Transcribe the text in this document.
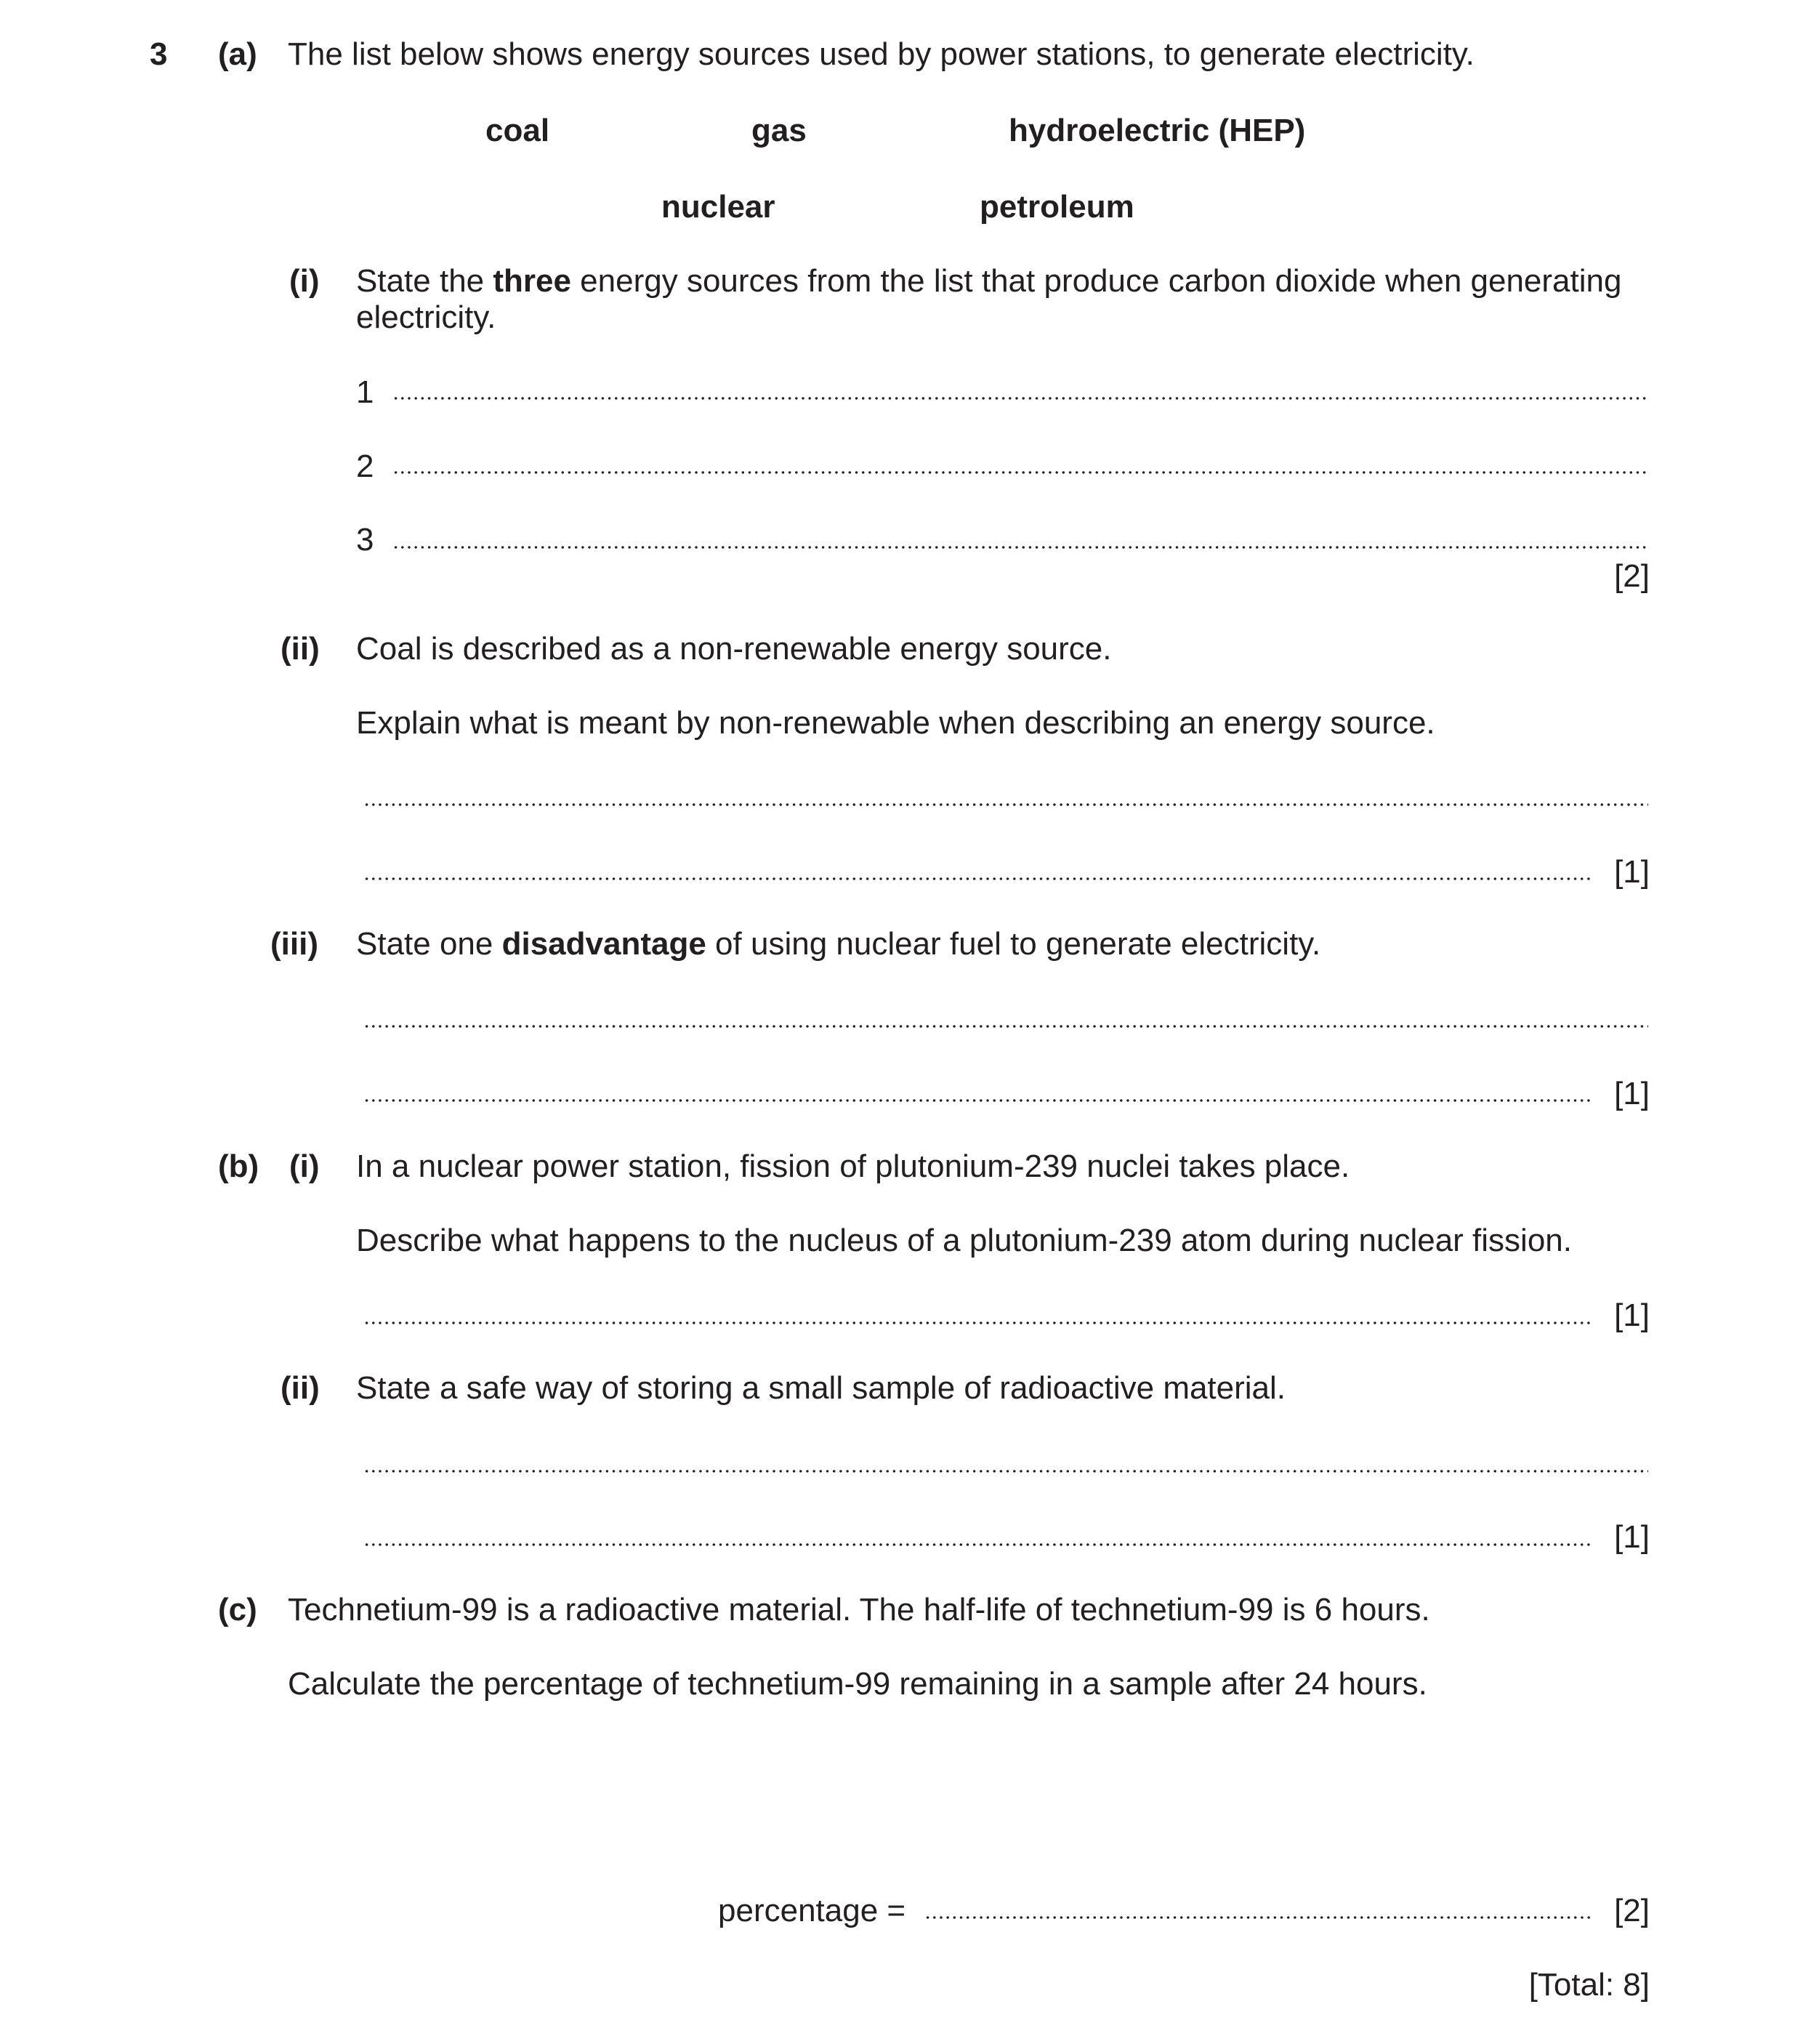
3 (a) The list below shows energy sources used by power stations, to generate electricity.
coal	gas	hydroelectric (HEP)
nuclear	petroleum
(i) State the three energy sources from the list that produce carbon dioxide when generating electricity.
1
2
3
[2]
(ii) Coal is described as a non-renewable energy source.
Explain what is meant by non-renewable when describing an energy source.
[1]
(iii) State one disadvantage of using nuclear fuel to generate electricity.
[1]
(b) (i) In a nuclear power station, fission of plutonium-239 nuclei takes place.
Describe what happens to the nucleus of a plutonium-239 atom during nuclear fission.
[1]
(ii) State a safe way of storing a small sample of radioactive material.
[1]
(c) Technetium-99 is a radioactive material. The half-life of technetium-99 is 6 hours.
Calculate the percentage of technetium-99 remaining in a sample after 24 hours.
percentage =	[2]
[Total: 8]
